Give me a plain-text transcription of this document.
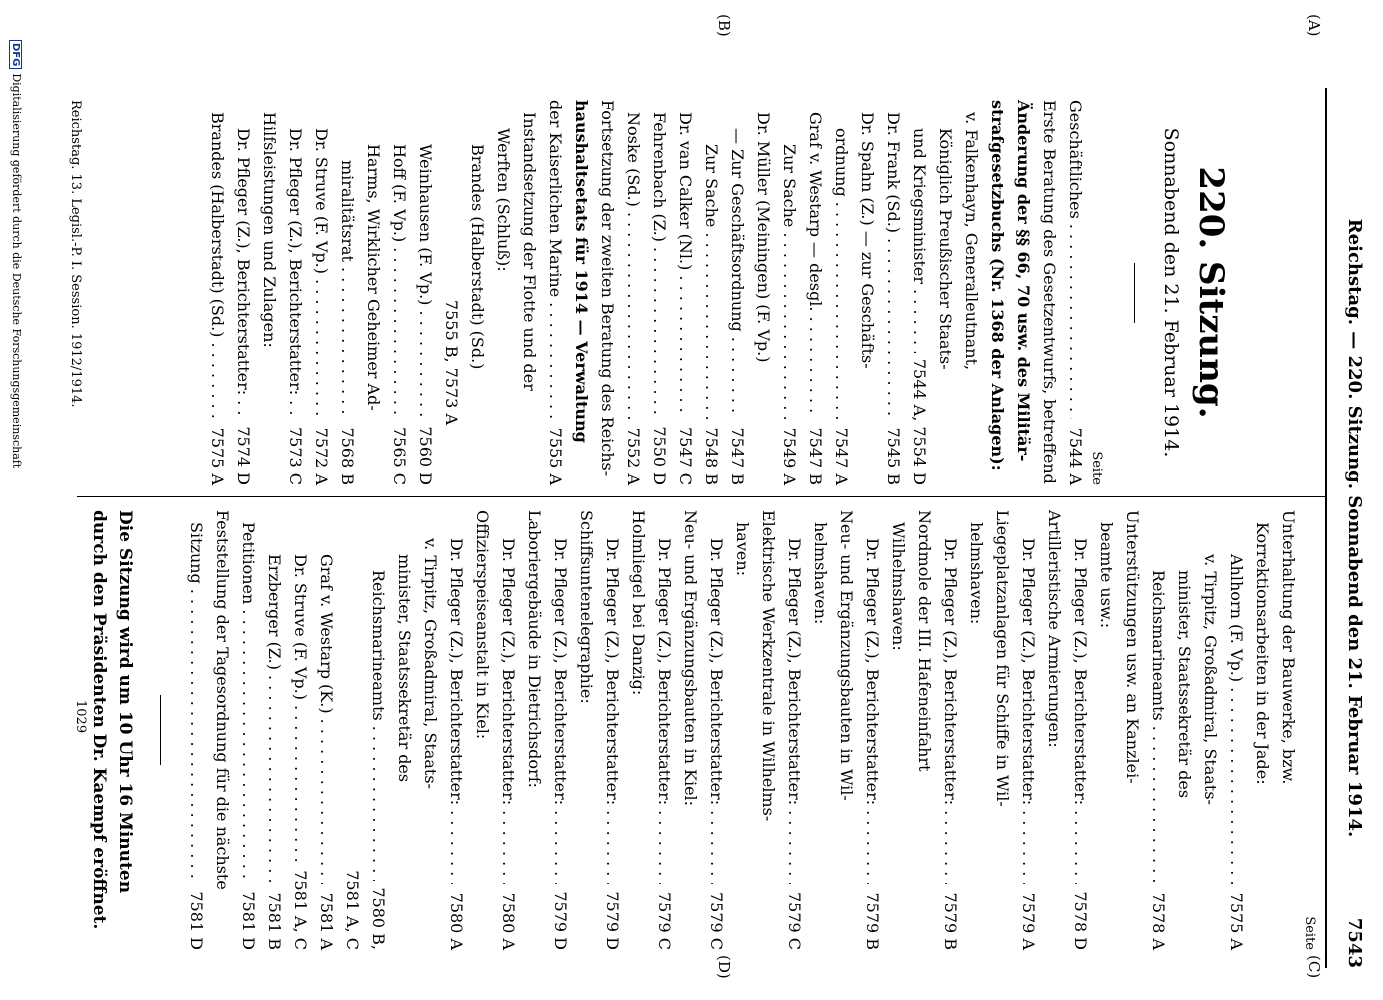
Reichstag. — 220. Sitzung. Sonnabend den 21. Februar 1914.
7543
(A)
(B)
(C)
(D)
220. Sitzung.
Sonnabend den 21. Februar 1914.
Seite
Geschäftliches . . .
7544 A
Erste Beratung des Gesetzentwurfs, betreffend
Änderung der §§ 66, 70 usw. des Militär-
strafgesetzbuchs (Nr. 1368 der Anlagen):
v. Falkenhayn, Generalleutnant,
Königlich Preußischer Staats-
und Kriegsminister . . .
7544 A, 7554 D
Dr. Frank (Sd.) . . .
7545 B
Dr. Spahn (Z.) — zur Geschäfts-
ordnung . . .
7547 A
Graf v. Westarp — desgl. . . .
7547 B
Zur Sache . . .
7549 A
Dr. Müller (Meiningen) (F. Vp.)
— Zur Geschäftsordnung . . .
7547 B
Zur Sache . . .
7548 B
Dr. van Calker (Nl.) . . .
7547 C
Fehrenbach (Z.) . . .
7550 D
Noske (Sd.) . . .
7552 A
Fortsetzung der zweiten Beratung des Reichs-
haushaltsetats für 1914 — Verwaltung
der Kaiserlichen Marine . . .
7555 A
Instandsetzung der Flotte und der
Werften (Schluß):
Brandes (Halberstadt) (Sd.)
7555 B, 7573 A
Weinhausen (F. Vp.) . . .
7560 D
Hoff (F. Vp.) . . .
7565 C
Harms, Wirklicher Geheimer Ad-
miralitätsrat . . .
7568 B
Dr. Struve (F. Vp.) . . .
7572 A
Dr. Pfleger (Z.), Berichterstatter: . . .
7573 C
Hilfsleistungen und Zulagen:
Dr. Pfleger (Z.), Berichterstatter: . . .
7574 D
Brandes (Halberstadt) (Sd.) . . .
7575 A
Seite
Unterhaltung der Bauwerke, bzw.
Korrektionsarbeiten in der Jade:
Ahlhorn (F. Vp.) . . .
7575 A
v. Tirpitz, Großadmiral, Staats-
minister, Staatssekretär des
Reichsmarineamts . . .
7578 A
Unterstützungen usw. an Kanzlei-
beamte usw.:
Dr. Pfleger (Z.), Berichterstatter: . . .
7578 D
Artilleristische Armierungen:
Dr. Pfleger (Z.), Berichterstatter: . . .
7579 A
Liegeplatzanlagen für Schiffe in Wil-
helmshaven:
Dr. Pfleger (Z.), Berichterstatter: . . .
7579 B
Nordmole der III. Hafeneinfahrt
Wilhelmshaven:
Dr. Pfleger (Z.), Berichterstatter: . . .
7579 B
Neu- und Ergänzungsbauten in Wil-
helmshaven:
Dr. Pfleger (Z.), Berichterstatter: . . .
7579 C
Elektrische Werkzentrale in Wilhelms-
haven:
Dr. Pfleger (Z.), Berichterstatter: . . .
7579 C
Neu- und Ergänzungsbauten in Kiel:
Dr. Pfleger (Z.), Berichterstatter: . . .
7579 C
Holmliegel bei Danzig:
Dr. Pfleger (Z.), Berichterstatter: . . .
7579 D
Schiffsuntenelegraphie:
Dr. Pfleger (Z.), Berichterstatter: . . .
7579 D
Laboriergebäude in Dietrichsdorf:
Dr. Pfleger (Z.), Berichterstatter: . . .
7580 A
Offizierspeiseanstalt in Kiel:
Dr. Pfleger (Z.), Berichterstatter: . . .
7580 A
v. Tirpitz, Großadmiral, Staats-
minister, Staatssekretär des
Reichsmarineamts . . .
7580 B,
7581 A, C
Graf v. Westarp (K.) . . .
7581 A
Dr. Struve (F. Vp.) . . .
7581 A, C
Erzberger (Z.) . . .
7581 B
Petitionen . . .
7581 D
Feststellung der Tagesordnung für die nächste
Sitzung . . .
7581 D
Die Sitzung wird um 10 Uhr 16 Minuten durch den Präsidenten Dr. Kaempf eröffnet.
Reichstag. 13. Legisl.-P. I. Session. 1912/1914.
1029
DFGDigitalisierung gefördert durch die Deutsche Forschungsgemeinschaft
